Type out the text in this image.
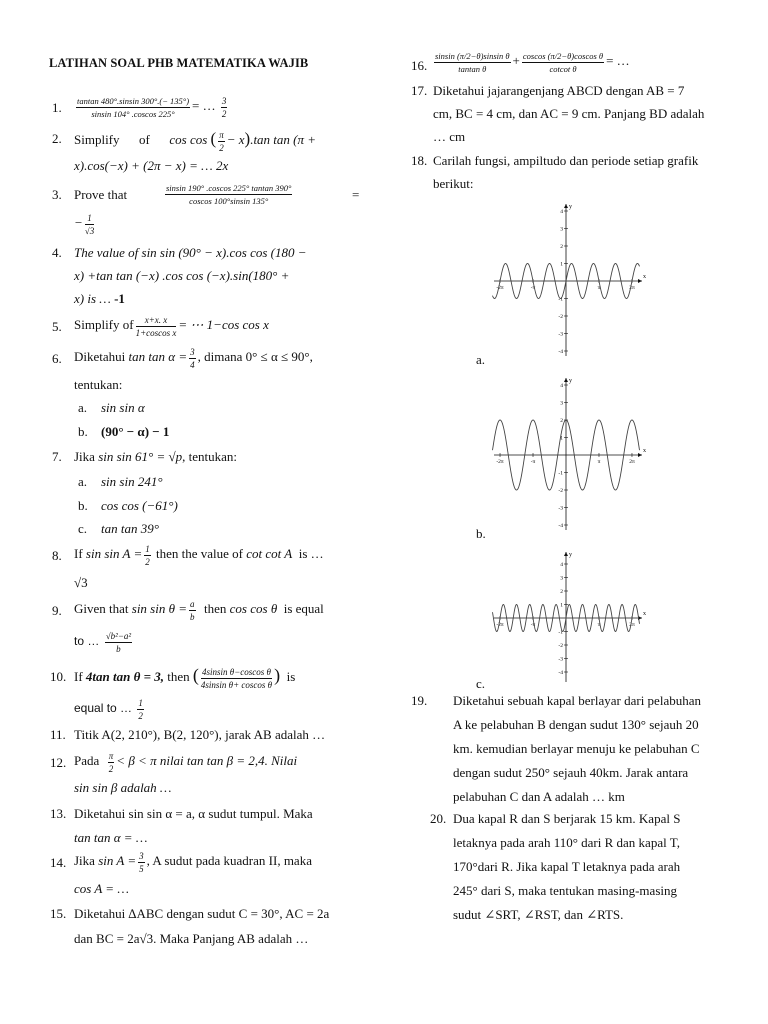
LATIHAN SOAL PHB MATEMATIKA WAJIB
1. $\frac{\text{tantan 480°.sinsin 300°.(− 135°)}}{\text{sinsin 104° .coscos 225°}}$ = … $\frac{3}{2}$
2. Simplify of cos cos ( $\frac{\pi}{2} - x).\tan$ tan (π +
x).cos(−x) + (2π − x) = … 2x
3. Prove that	$\frac{\text{sinsin 190° .coscos 225° tantan 390°}}{\text{coscos 100°sinsin 135°}}$	=
− $\frac{1}{√3}$
4. The value of sin sin (90° − x).cos cos (180 −
x) +tan tan (−x) .cos cos (−x).sin(180° +
x) is … -1
5. Simplify of $\frac{x+x. x}{\text{1+coscos x}}$ = ⋯ 1−cos cos x
6. Diketahui $\tan \tan \alpha = \frac{3}{4}$ , dimana 0° ≤ α ≤ 90°,
tentukan:
a. sin sin α
b. (90° − α) − 1
7. Jika sin sin 61° = √p, tentukan:
a. sin sin 241°
b. cos cos (−61°)
c. tan tan 39°
8. If $\sin \sin A = \frac{1}{2}$ then the value of cot cot A is …
√3
9. Given that $\sin \sin \theta = \frac{a}{b}$ then cos cos θ is equal
to … $\frac{\text{√b²−a²}}{b}$
10. If 4tan tan θ = 3, then ( $\frac{\text{4sinsin θ−coscos θ}}{\text{4sinsin θ+ coscos θ}}$ ) is
equal to … $\frac{1}{2}$
11. Titik A(2, 210°), B(2, 120°), jarak AB adalah …
12. Pada $\frac{\pi}{2} < \beta < \pi$ nilai tan tan β = 2,4. Nilai
sin sin β adalah …
13. Diketahui sin sin α = a, α sudut tumpul. Maka
tan tan α = …
14. Jika $\sin A = \frac{3}{5}$ , A sudut pada kuadran II, maka
cos A = …
15. Diketahui ∆ABC dengan sudut C = 30°, AC = 2a
dan BC = 2a√3. Maka Panjang AB adalah …
16. $\frac{\text{sinsin (π/2−θ)sinsin θ}}{\text{tantan θ}} + \frac{\text{coscos (π/2−θ)coscos θ}}{\text{cotcot θ}}$ = …
17. Diketahui jajarangenjang ABCD dengan AB = 7
cm, BC = 4 cm, dan AC = 9 cm. Panjang BD adalah
… cm
18. Carilah fungsi, ampiltudo dan periode setiap grafik
berikut:
a.
b.
c.
x
y
4
3
2
1
-1
-2
-3
-4
-2π	-π	π	2π
x
y
4
3
2
1
-1
-2
-3
-4
-2π	-π	π	2π
x
y
4
3
2
1
-1
-2
-3
-4
-2π	-π	π	2π
19. Diketahui sebuah kapal berlayar dari pelabuhan
A ke pelabuhan B dengan sudut 130° sejauh 20
km. kemudian berlayar menuju ke pelabuhan C
dengan sudut 250° sejauh 40km. Jarak antara
pelabuhan C dan A adalah … km
20. Dua kapal R dan S berjarak 15 km. Kapal S
letaknya pada arah 110° dari R dan kapal T,
170°dari R. Jika kapal T letaknya pada arah
245° dari S, maka tentukan masing-masing
sudut ∠SRT, ∠RST, dan ∠RTS.
